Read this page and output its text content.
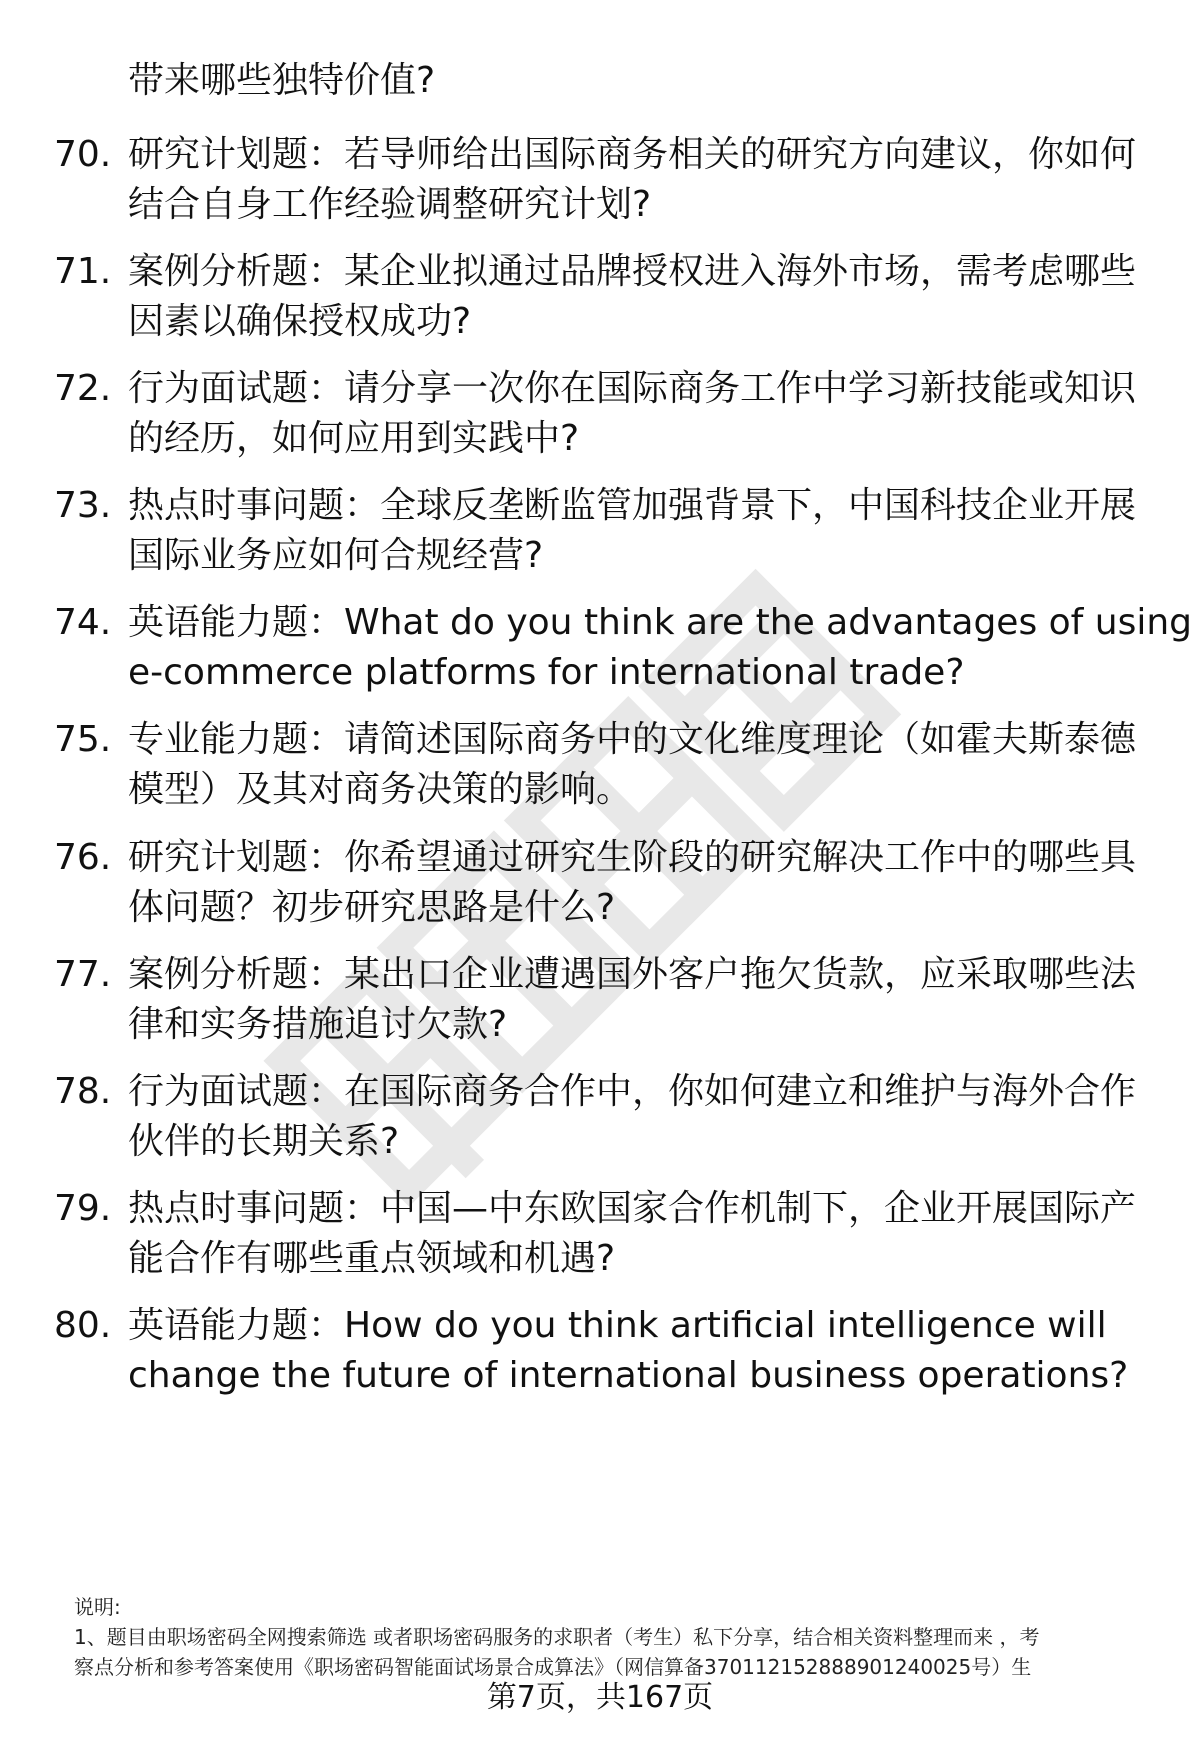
带来哪些独特价值?
70. 研究计划题：若导师给出国际商务相关的研究方向建议，你如何
结合自身工作经验调整研究计划?
71. 案例分析题：某企业拟通过品牌授权进入海外市场，需考虑哪些
因素以确保授权成功?
72. 行为面试题：请分享一次你在国际商务工作中学习新技能或知识
的经历，如何应用到实践中?
73. 热点时事问题：全球反垄断监管加强背景下，中国科技企业开展
国际业务应如何合规经营?
74. 英语能力题：What do you think are the advantages of using
e-commerce platforms for international trade?
75. 专业能力题：请简述国际商务中的文化维度理论（如霍夫斯泰德
模型）及其对商务决策的影响。
76. 研究计划题：你希望通过研究生阶段的研究解决工作中的哪些具
体问题？初步研究思路是什么?
77. 案例分析题：某出口企业遭遇国外客户拖欠货款，应采取哪些法
律和实务措施追讨欠款?
78. 行为面试题：在国际商务合作中，你如何建立和维护与海外合作
伙伴的长期关系?
79. 热点时事问题：中国—中东欧国家合作机制下，企业开展国际产
能合作有哪些重点领域和机遇?
80. 英语能力题：How do you think artificial intelligence will
change the future of international business operations?
说明:
1、题目由职场密码全网搜索筛选 或者职场密码服务的求职者（考生）私下分享，结合相关资料整理而来 ，考
察点分析和参考答案使用《职场密码智能面试场景合成算法》（网信算备370112152888901240025号）生
第7页，共167页
